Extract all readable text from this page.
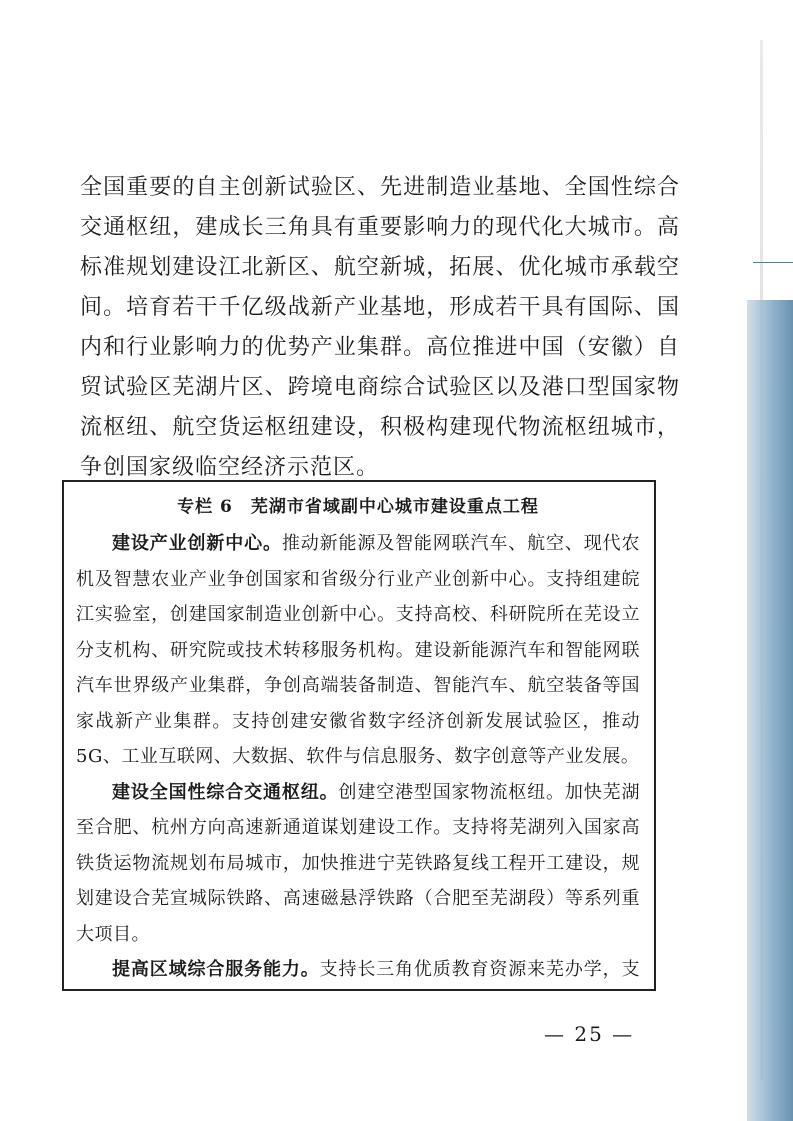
全国重要的自主创新试验区、先进制造业基地、全国性综合交通枢纽，建成长三角具有重要影响力的现代化大城市。高标准规划建设江北新区、航空新城，拓展、优化城市承载空间。培育若干千亿级战新产业基地，形成若干具有国际、国内和行业影响力的优势产业集群。高位推进中国（安徽）自贸试验区芜湖片区、跨境电商综合试验区以及港口型国家物流枢纽、航空货运枢纽建设，积极构建现代物流枢纽城市，争创国家级临空经济示范区。

专栏 6　芜湖市省域副中心城市建设重点工程

建设产业创新中心。推动新能源及智能网联汽车、航空、现代农机及智慧农业产业争创国家和省级分行业产业创新中心。支持组建皖江实验室，创建国家制造业创新中心。支持高校、科研院所在芜设立分支机构、研究院或技术转移服务机构。建设新能源汽车和智能网联汽车世界级产业集群，争创高端装备制造、智能汽车、航空装备等国家战新产业集群。支持创建安徽省数字经济创新发展试验区，推动 5G、工业互联网、大数据、软件与信息服务、数字创意等产业发展。

建设全国性综合交通枢纽。创建空港型国家物流枢纽。加快芜湖至合肥、杭州方向高速新通道谋划建设工作。支持将芜湖列入国家高铁货运物流规划布局城市，加快推进宁芜铁路复线工程开工建设，规划建设合芜宣城际铁路、高速磁悬浮铁路（合肥至芜湖段）等系列重大项目。

提高区域综合服务能力。支持长三角优质教育资源来芜办学，支

— 25 —
